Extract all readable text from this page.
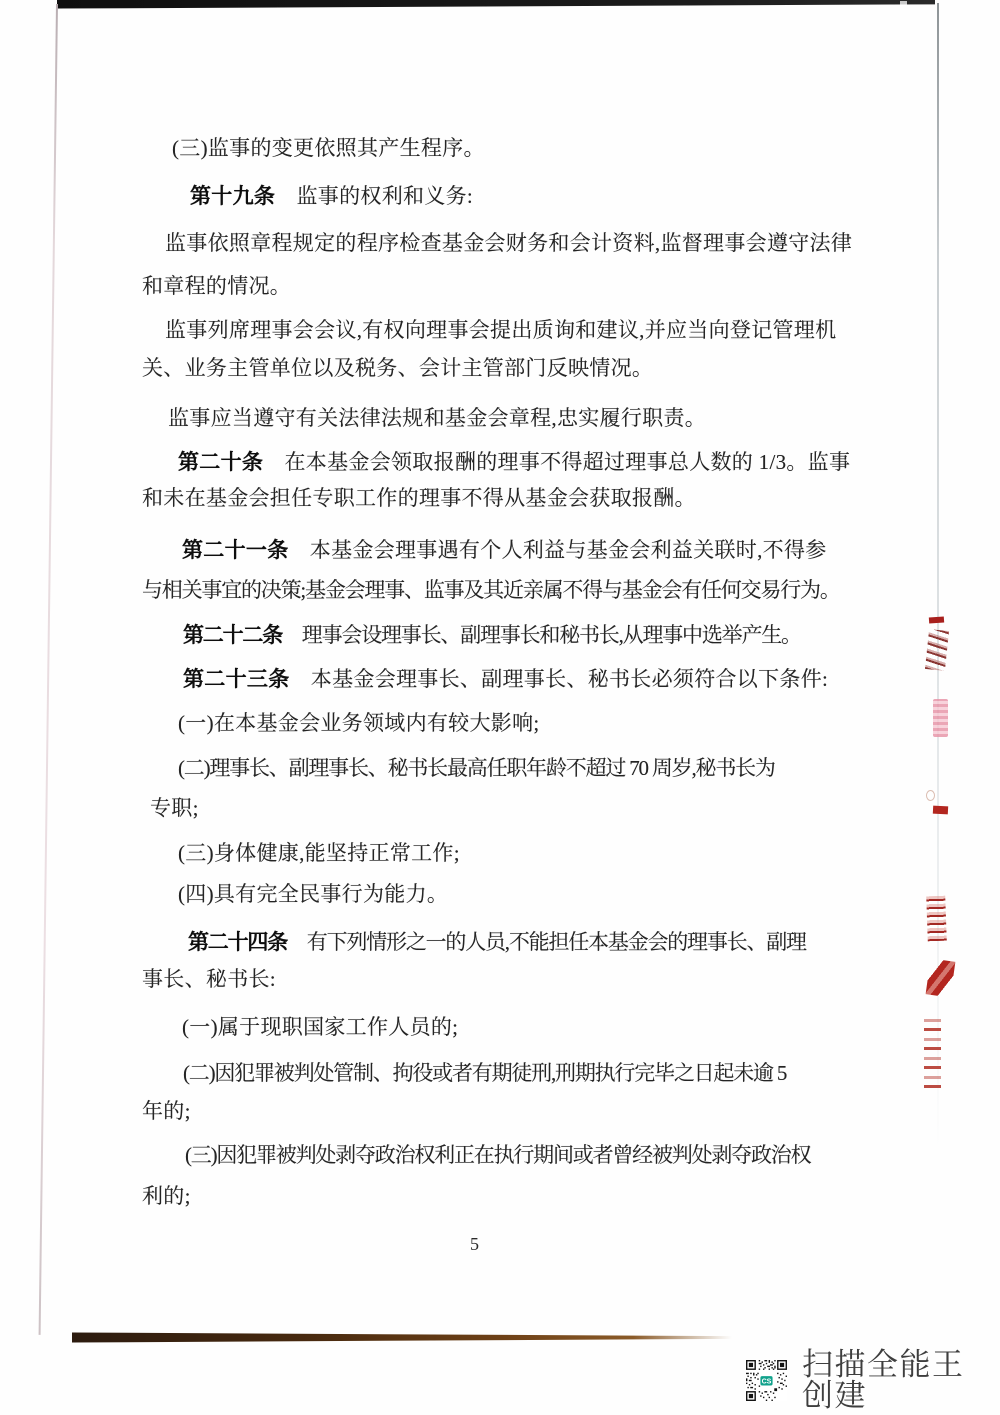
(三)监事的变更依照其产生程序。
第十九条　监事的权利和义务:
监事依照章程规定的程序检查基金会财务和会计资料,监督理事会遵守法律
和章程的情况。
监事列席理事会会议,有权向理事会提出质询和建议,并应当向登记管理机
关、业务主管单位以及税务、会计主管部门反映情况。
监事应当遵守有关法律法规和基金会章程,忠实履行职责。
第二十条　在本基金会领取报酬的理事不得超过理事总人数的 1/3。监事
和未在基金会担任专职工作的理事不得从基金会获取报酬。
第二十一条　本基金会理事遇有个人利益与基金会利益关联时,不得参
与相关事宜的决策;基金会理事、监事及其近亲属不得与基金会有任何交易行为。
第二十二条　理事会设理事长、副理事长和秘书长,从理事中选举产生。
第二十三条　本基金会理事长、副理事长、秘书长必须符合以下条件:
(一)在本基金会业务领域内有较大影响;
(二)理事长、副理事长、秘书长最高任职年龄不超过 70 周岁,秘书长为
专职;
(三)身体健康,能坚持正常工作;
(四)具有完全民事行为能力。
第二十四条　有下列情形之一的人员,不能担任本基金会的理事长、副理
事长、秘书长:
(一)属于现职国家工作人员的;
(二)因犯罪被判处管制、拘役或者有期徒刑,刑期执行完毕之日起未逾 5
年的;
(三)因犯罪被判处剥夺政治权利正在执行期间或者曾经被判处剥夺政治权
利的;
5
CS 扫描全能王 创建
